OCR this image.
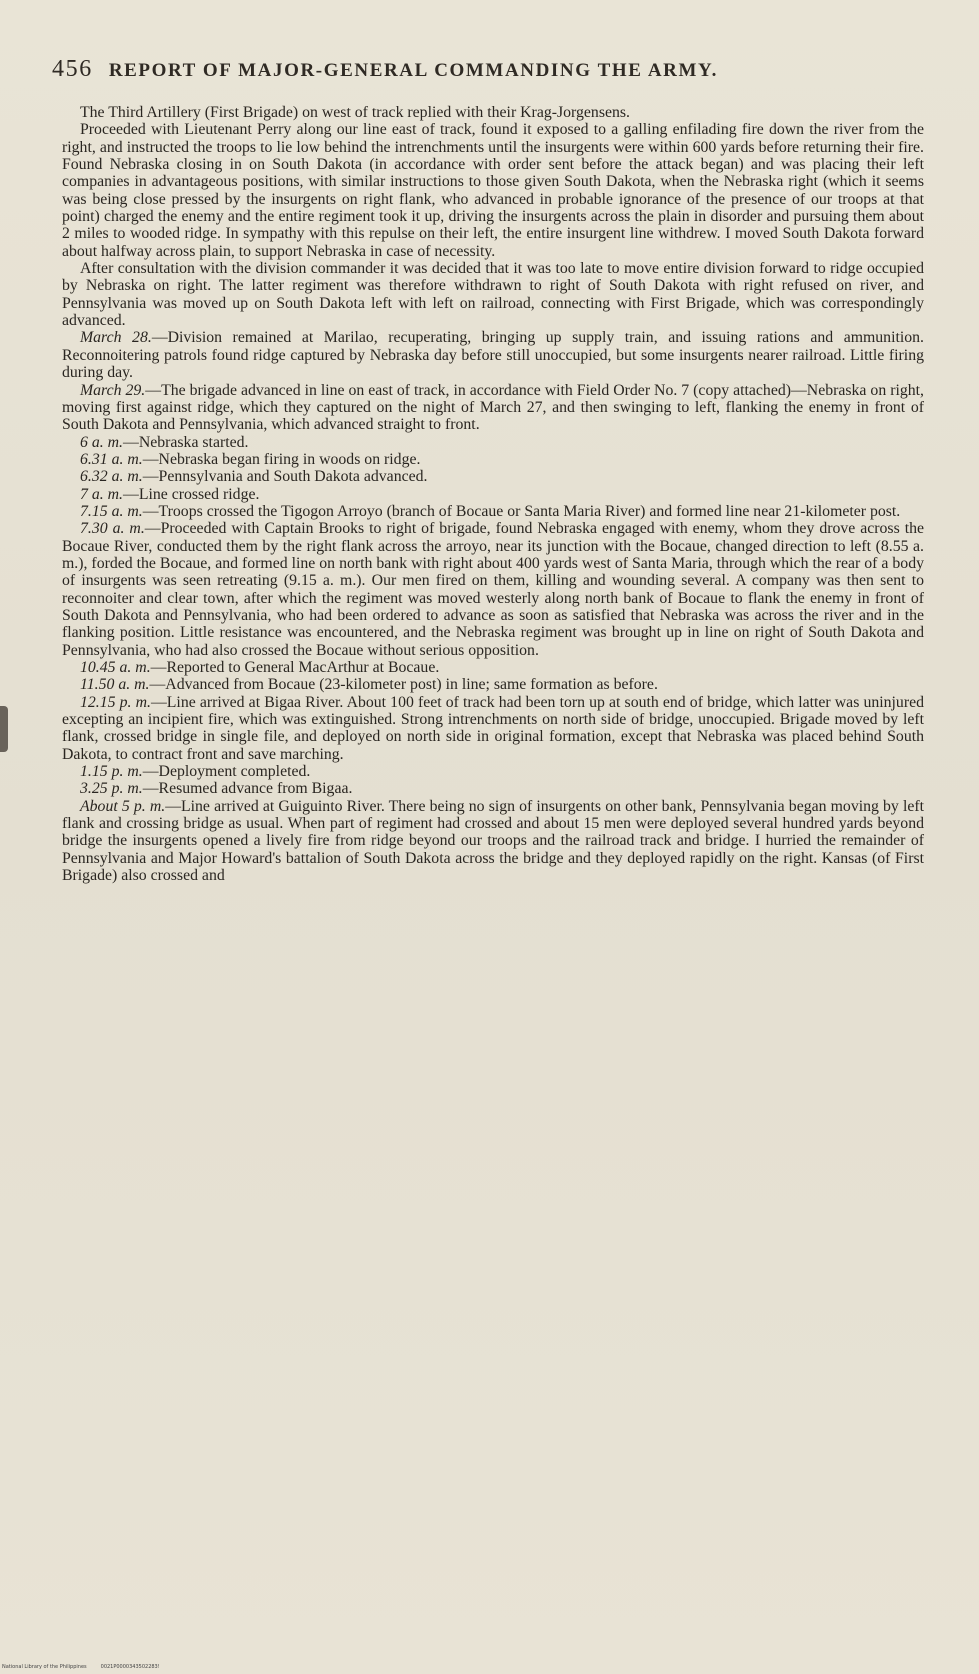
456 REPORT OF MAJOR-GENERAL COMMANDING THE ARMY.

The Third Artillery (First Brigade) on west of track replied with their Krag-Jorgensens.

Proceeded with Lieutenant Perry along our line east of track, found it exposed to a galling enfilading fire down the river from the right, and instructed the troops to lie low behind the intrenchments until the insurgents were within 600 yards before returning their fire. Found Nebraska closing in on South Dakota (in accordance with order sent before the attack began) and was placing their left companies in advantageous positions, with similar instructions to those given South Dakota, when the Nebraska right (which it seems was being close pressed by the insurgents on right flank, who advanced in probable ignorance of the presence of our troops at that point) charged the enemy and the entire regiment took it up, driving the insurgents across the plain in disorder and pursuing them about 2 miles to wooded ridge. In sympathy with this repulse on their left, the entire insurgent line withdrew. I moved South Dakota forward about halfway across plain, to support Nebraska in case of necessity.

After consultation with the division commander it was decided that it was too late to move entire division forward to ridge occupied by Nebraska on right. The latter regiment was therefore withdrawn to right of South Dakota with right refused on river, and Pennsylvania was moved up on South Dakota left with left on railroad, connecting with First Brigade, which was correspondingly advanced.

March 28.—Division remained at Marilao, recuperating, bringing up supply train, and issuing rations and ammunition. Reconnoitering patrols found ridge captured by Nebraska day before still unoccupied, but some insurgents nearer railroad. Little firing during day.

March 29.—The brigade advanced in line on east of track, in accordance with Field Order No. 7 (copy attached)—Nebraska on right, moving first against ridge, which they captured on the night of March 27, and then swinging to left, flanking the enemy in front of South Dakota and Pennsylvania, which advanced straight to front.

6 a. m.—Nebraska started.

6.31 a. m.—Nebraska began firing in woods on ridge.

6.32 a. m.—Pennsylvania and South Dakota advanced.

7 a. m.—Line crossed ridge.

7.15 a. m.—Troops crossed the Tigogon Arroyo (branch of Bocaue or Santa Maria River) and formed line near 21-kilometer post.

7.30 a. m.—Proceeded with Captain Brooks to right of brigade, found Nebraska engaged with enemy, whom they drove across the Bocaue River, conducted them by the right flank across the arroyo, near its junction with the Bocaue, changed direction to left (8.55 a. m.), forded the Bocaue, and formed line on north bank with right about 400 yards west of Santa Maria, through which the rear of a body of insurgents was seen retreating (9.15 a. m.). Our men fired on them, killing and wounding several. A company was then sent to reconnoiter and clear town, after which the regiment was moved westerly along north bank of Bocaue to flank the enemy in front of South Dakota and Pennsylvania, who had been ordered to advance as soon as satisfied that Nebraska was across the river and in the flanking position. Little resistance was encountered, and the Nebraska regiment was brought up in line on right of South Dakota and Pennsylvania, who had also crossed the Bocaue without serious opposition.

10.45 a. m.—Reported to General MacArthur at Bocaue.

11.50 a. m.—Advanced from Bocaue (23-kilometer post) in line; same formation as before.

12.15 p. m.—Line arrived at Bigaa River. About 100 feet of track had been torn up at south end of bridge, which latter was uninjured excepting an incipient fire, which was extinguished. Strong intrenchments on north side of bridge, unoccupied. Brigade moved by left flank, crossed bridge in single file, and deployed on north side in original formation, except that Nebraska was placed behind South Dakota, to contract front and save marching.

1.15 p. m.—Deployment completed.

3.25 p. m.—Resumed advance from Bigaa.

About 5 p. m.—Line arrived at Guiguinto River. There being no sign of insurgents on other bank, Pennsylvania began moving by left flank and crossing bridge as usual. When part of regiment had crossed and about 15 men were deployed several hundred yards beyond bridge the insurgents opened a lively fire from ridge beyond our troops and the railroad track and bridge. I hurried the remainder of Pennsylvania and Major Howard's battalion of South Dakota across the bridge and they deployed rapidly on the right. Kansas (of First Brigade) also crossed and

National Library of the Philippines	0021P0000343502283!
